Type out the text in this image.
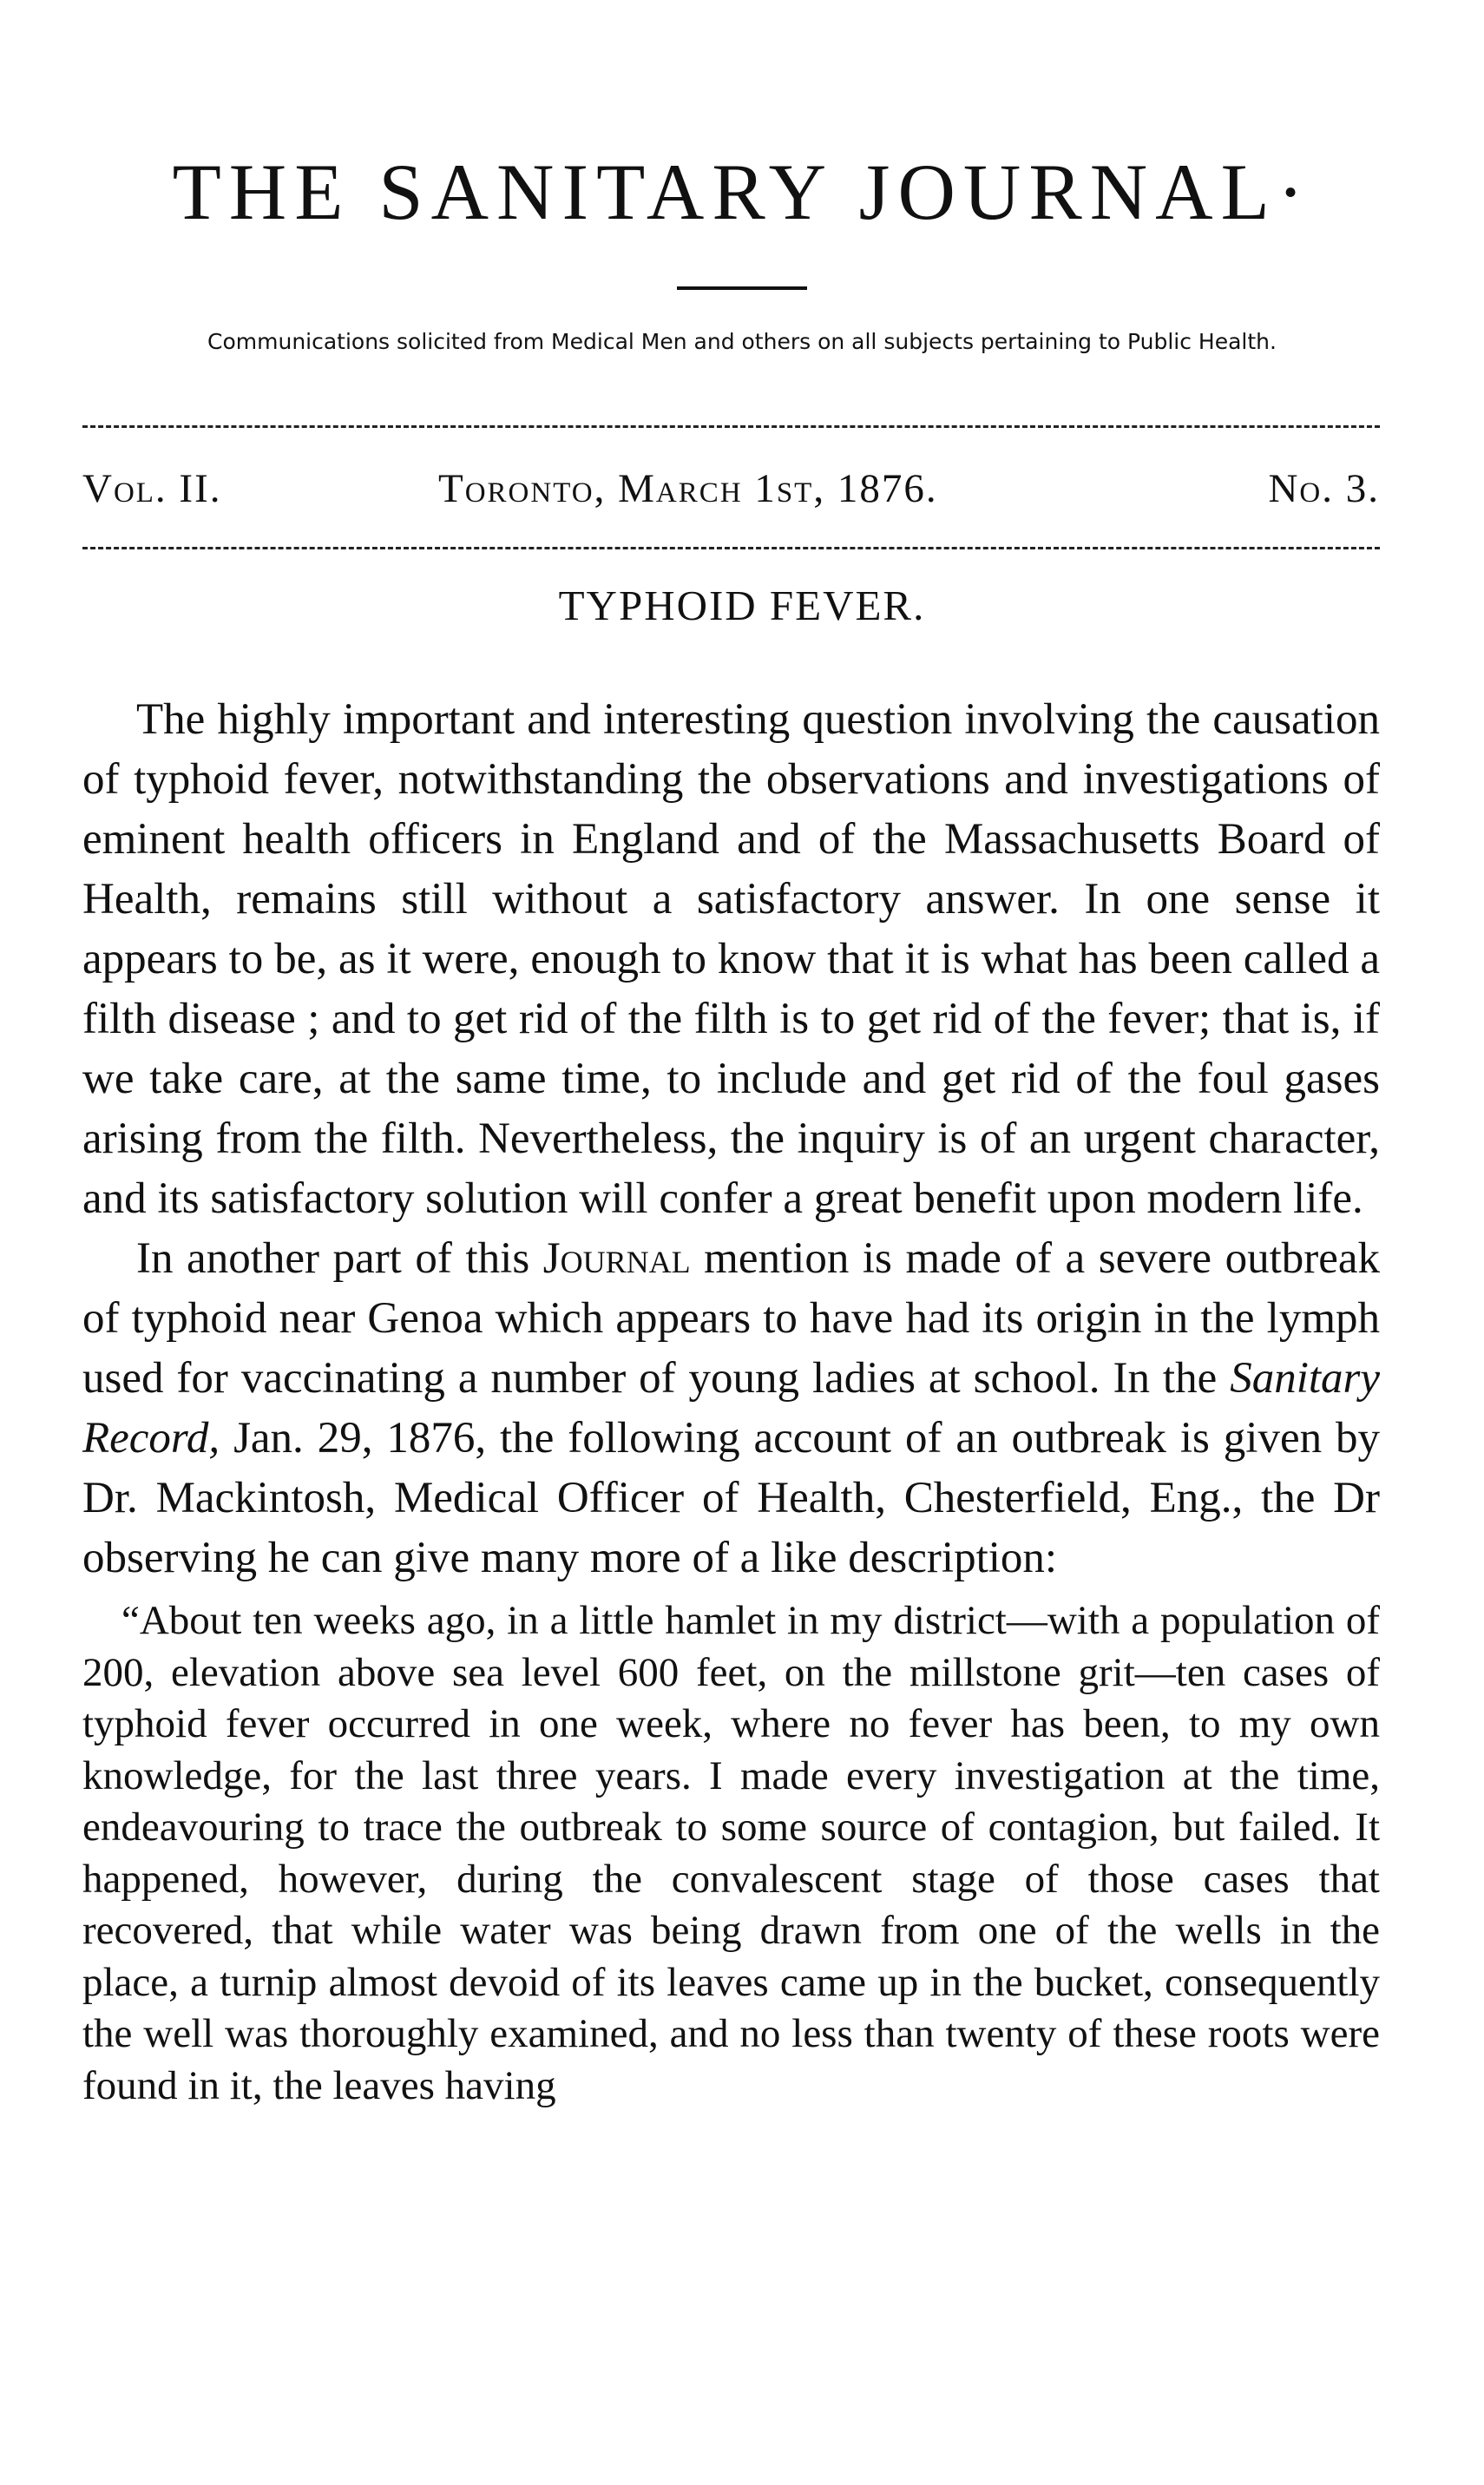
THE SANITARY JOURNAL·
Communications solicited from Medical Men and others on all subjects pertaining to Public Health.
Vol. II.	Toronto, March 1st, 1876.	No. 3.
TYPHOID FEVER.

The highly important and interesting question involving the causation of typhoid fever, notwithstanding the observations and investigations of eminent health officers in England and of the Massachusetts Board of Health, remains still without a satisfactory answer. In one sense it appears to be, as it were, enough to know that it is what has been called a filth disease ; and to get rid of the filth is to get rid of the fever; that is, if we take care, at the same time, to include and get rid of the foul gases arising from the filth. Nevertheless, the inquiry is of an urgent character, and its satisfactory solution will confer a great benefit upon modern life.

In another part of this Journal mention is made of a severe outbreak of typhoid near Genoa which appears to have had its origin in the lymph used for vaccinating a number of young ladies at school. In the Sanitary Record, Jan. 29, 1876, the following account of an outbreak is given by Dr. Mackintosh, Medical Officer of Health, Chesterfield, Eng., the Dr observing he can give many more of a like description:

“About ten weeks ago, in a little hamlet in my district—with a population of 200, elevation above sea level 600 feet, on the millstone grit—ten cases of typhoid fever occurred in one week, where no fever has been, to my own knowledge, for the last three years. I made every investigation at the time, endeavouring to trace the outbreak to some source of contagion, but failed. It happened, however, during the convalescent stage of those cases that recovered, that while water was being drawn from one of the wells in the place, a turnip almost devoid of its leaves came up in the bucket, consequently the well was thoroughly examined, and no less than twenty of these roots were found in it, the leaves having
